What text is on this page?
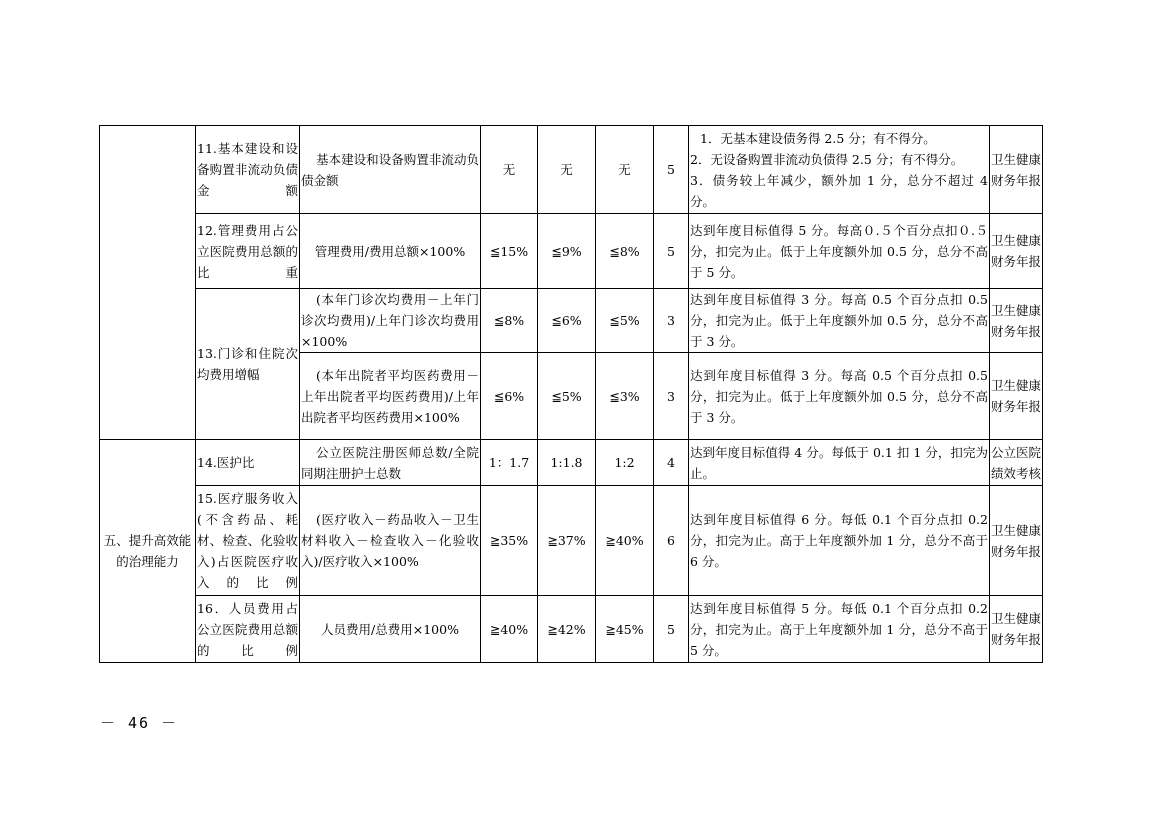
	11.基本建设和设备购置非流动负债金额	基本建设和设备购置非流动负债金额	无	无	无	5	1．无基本建设债务得 2.5 分；有不得分。
2．无设备购置非流动负债得 2.5 分；有不得分。
3．债务较上年减少，额外加 1 分，总分不超过 4 分。	卫生健康财务年报
	12.管理费用占公立医院费用总额的比重	管理费用/费用总额×100%	≦15%	≦9%	≦8%	5	达到年度目标值得 5 分。每高０.５个百分点扣０.５分，扣完为止。低于上年度额外加 0.5 分，总分不高于 5 分。	卫生健康财务年报
	13.门诊和住院次均费用增幅	(本年门诊次均费用－上年门诊次均费用)/上年门诊次均费用×100%	≦8%	≦6%	≦5%	3	达到年度目标值得 3 分。每高 0.5 个百分点扣 0.5 分，扣完为止。低于上年度额外加 0.5 分，总分不高于 3 分。	卫生健康财务年报
		(本年出院者平均医药费用－上年出院者平均医药费用)/上年出院者平均医药费用×100%	≦6%	≦5%	≦3%	3	达到年度目标值得 3 分。每高 0.5 个百分点扣 0.5 分，扣完为止。低于上年度额外加 0.5 分，总分不高于 3 分。	卫生健康财务年报
五、提升高效能的治理能力	14.医护比	公立医院注册医师总数/全院同期注册护士总数	1：1.7	1:1.8	1:2	4	达到年度目标值得 4 分。每低于 0.1 扣 1 分，扣完为止。	公立医院绩效考核
	15.医疗服务收入(不含药品、耗材、检查、化验收入)占医院医疗收入的比例	(医疗收入－药品收入－卫生材料收入－检查收入－化验收入)/医疗收入×100%	≧35%	≧37%	≧40%	6	达到年度目标值得 6 分。每低 0.1 个百分点扣 0.2 分，扣完为止。高于上年度额外加 1 分，总分不高于 6 分。	卫生健康财务年报
	16．人员费用占公立医院费用总额的比例	人员费用/总费用×100%	≧40%	≧42%	≧45%	5	达到年度目标值得 5 分。每低 0.1 个百分点扣 0.2 分，扣完为止。高于上年度额外加 1 分，总分不高于 5 分。	卫生健康财务年报
－ 46 －
